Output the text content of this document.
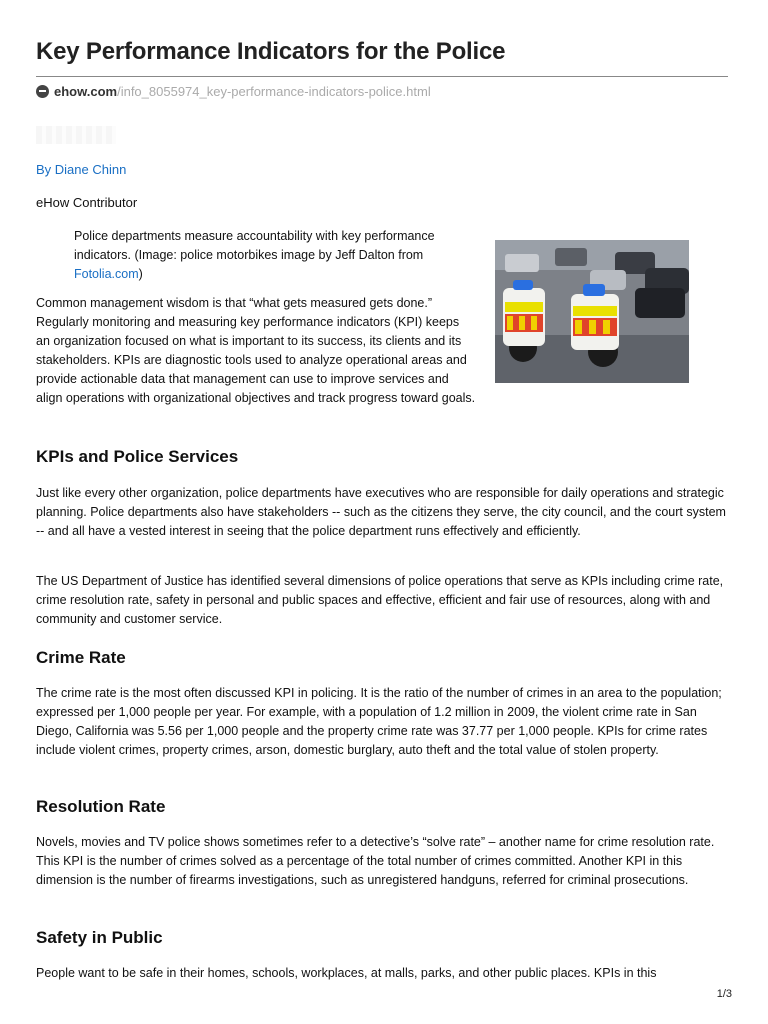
Key Performance Indicators for the Police
ehow.com /info_8055974_key-performance-indicators-police.html
By Diane Chinn
eHow Contributor
Police departments measure accountability with key performance indicators. (Image: police motorbikes image by Jeff Dalton from Fotolia.com)

Common management wisdom is that “what gets measured gets done.” Regularly monitoring and measuring key performance indicators (KPI) keeps an organization focused on what is important to its success, its clients and its stakeholders. KPIs are diagnostic tools used to analyze operational areas and provide actionable data that management can use to improve services and align operations with organizational objectives and track progress toward goals.

KPIs and Police Services

Just like every other organization, police departments have executives who are responsible for daily operations and strategic planning. Police departments also have stakeholders -- such as the citizens they serve, the city council, and the court system -- and all have a vested interest in seeing that the police department runs effectively and efficiently.

The US Department of Justice has identified several dimensions of police operations that serve as KPIs including crime rate, crime resolution rate, safety in personal and public spaces and effective, efficient and fair use of resources, along with and community and customer service.

Crime Rate

The crime rate is the most often discussed KPI in policing. It is the ratio of the number of crimes in an area to the population; expressed per 1,000 people per year. For example, with a population of 1.2 million in 2009, the violent crime rate in San Diego, California was 5.56 per 1,000 people and the property crime rate was 37.77 per 1,000 people. KPIs for crime rates include violent crimes, property crimes, arson, domestic burglary, auto theft and the total value of stolen property.

Resolution Rate

Novels, movies and TV police shows sometimes refer to a detective’s “solve rate” – another name for crime resolution rate. This KPI is the number of crimes solved as a percentage of the total number of crimes committed. Another KPI in this dimension is the number of firearms investigations, such as unregistered handguns, referred for criminal prosecutions.

Safety in Public

People want to be safe in their homes, schools, workplaces, at malls, parks, and other public places. KPIs in this

1/3
